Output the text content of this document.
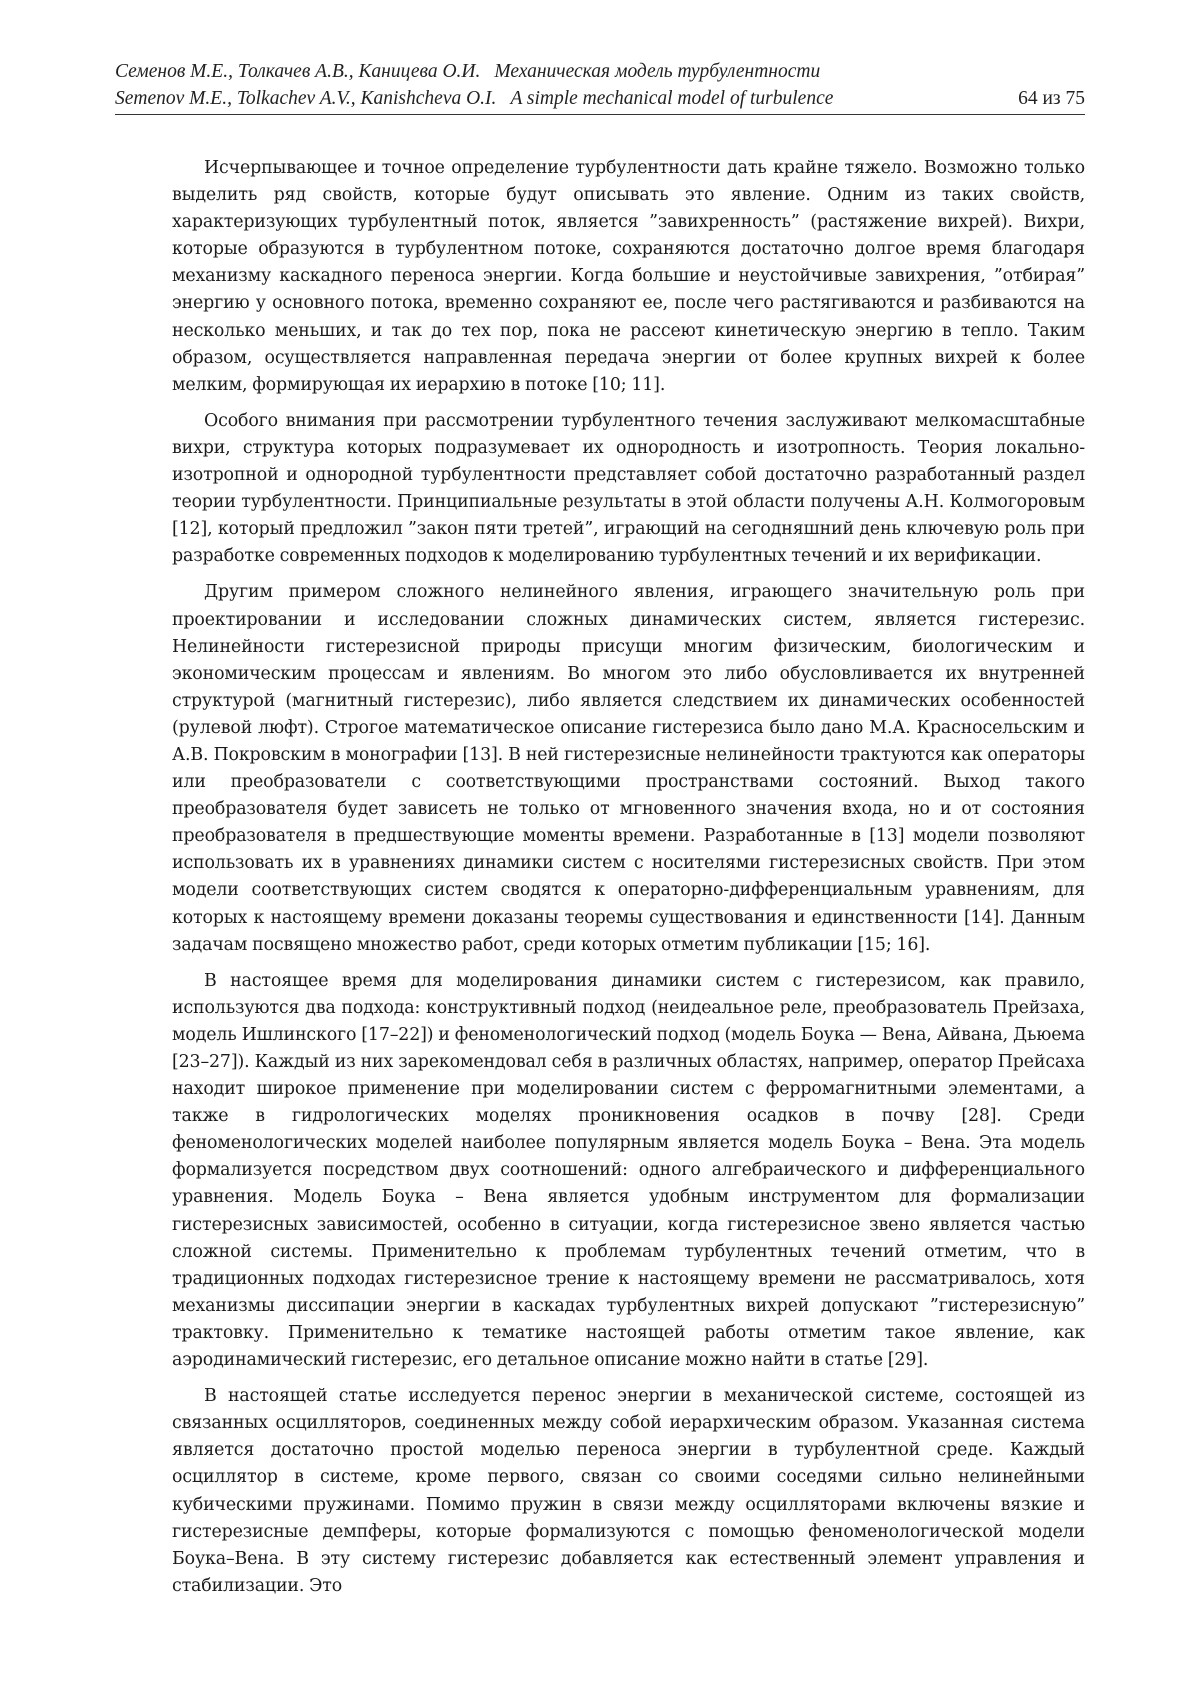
Семенов М.Е., Толкачев А.В., Каницева О.И. Механическая модель турбулентности
Semenov M.E., Tolkachev A.V., Kanishcheva O.I. A simple mechanical model of turbulence	64 из 75

Исчерпывающее и точное определение турбулентности дать крайне тяжело. Возможно только выделить ряд свойств, которые будут описывать это явление. Одним из таких свойств, характеризующих турбулентный поток, является ”завихренность” (растяжение вихрей). Вихри, которые образуются в турбулентном потоке, сохраняются достаточно долгое время благодаря механизму каскадного переноса энергии. Когда большие и неустойчивые завихрения, ”отбирая” энергию у основного потока, временно сохраняют ее, после чего растягиваются и разбиваются на несколько меньших, и так до тех пор, пока не рассеют кинетическую энергию в тепло. Таким образом, осуществляется направленная передача энергии от более крупных вихрей к более мелким, формирующая их иерархию в потоке [10; 11].

Особого внимания при рассмотрении турбулентного течения заслуживают мелкомасштабные вихри, структура которых подразумевает их однородность и изотропность. Теория локально-изотропной и однородной турбулентности представляет собой достаточно разработанный раздел теории турбулентности. Принципиальные результаты в этой области получены А.Н. Колмогоровым [12], который предложил ”закон пяти третей”, играющий на сегодняшний день ключевую роль при разработке современных подходов к моделированию турбулентных течений и их верификации.

Другим примером сложного нелинейного явления, играющего значительную роль при проектировании и исследовании сложных динамических систем, является гистерезис. Нелинейности гистерезисной природы присущи многим физическим, биологическим и экономическим процессам и явлениям. Во многом это либо обусловливается их внутренней структурой (магнитный гистерезис), либо является следствием их динамических особенностей (рулевой люфт). Строгое математическое описание гистерезиса было дано М.А. Красносельским и А.В. Покровским в монографии [13]. В ней гистерезисные нелинейности трактуются как операторы или преобразователи с соответствующими пространствами состояний. Выход такого преобразователя будет зависеть не только от мгновенного значения входа, но и от состояния преобразователя в предшествующие моменты времени. Разработанные в [13] модели позволяют использовать их в уравнениях динамики систем с носителями гистерезисных свойств. При этом модели соответствующих систем сводятся к операторно-дифференциальным уравнениям, для которых к настоящему времени доказаны теоремы существования и единственности [14]. Данным задачам посвящено множество работ, среди которых отметим публикации [15; 16].

В настоящее время для моделирования динамики систем с гистерезисом, как правило, используются два подхода: конструктивный подход (неидеальное реле, преобразователь Прейзаха, модель Ишлинского [17–22]) и феноменологический подход (модель Боука — Вена, Айвана, Дьюема [23–27]). Каждый из них зарекомендовал себя в различных областях, например, оператор Прейсаха находит широкое применение при моделировании систем с ферромагнитными элементами, а также в гидрологических моделях проникновения осадков в почву [28]. Среди феноменологических моделей наиболее популярным является модель Боука – Вена. Эта модель формализуется посредством двух соотношений: одного алгебраического и дифференциального уравнения. Модель Боука – Вена является удобным инструментом для формализации гистерезисных зависимостей, особенно в ситуации, когда гистерезисное звено является частью сложной системы. Применительно к проблемам турбулентных течений отметим, что в традиционных подходах гистерезисное трение к настоящему времени не рассматривалось, хотя механизмы диссипации энергии в каскадах турбулентных вихрей допускают ”гистерезисную” трактовку. Применительно к тематике настоящей работы отметим такое явление, как аэродинамический гистерезис, его детальное описание можно найти в статье [29].

В настоящей статье исследуется перенос энергии в механической системе, состоящей из связанных осцилляторов, соединенных между собой иерархическим образом. Указанная система является достаточно простой моделью переноса энергии в турбулентной среде. Каждый осциллятор в системе, кроме первого, связан со своими соседями сильно нелинейными кубическими пружинами. Помимо пружин в связи между осцилляторами включены вязкие и гистерезисные демпферы, которые формализуются с помощью феноменологической модели Боука–Вена. В эту систему гистерезис добавляется как естественный элемент управления и стабилизации. Это
